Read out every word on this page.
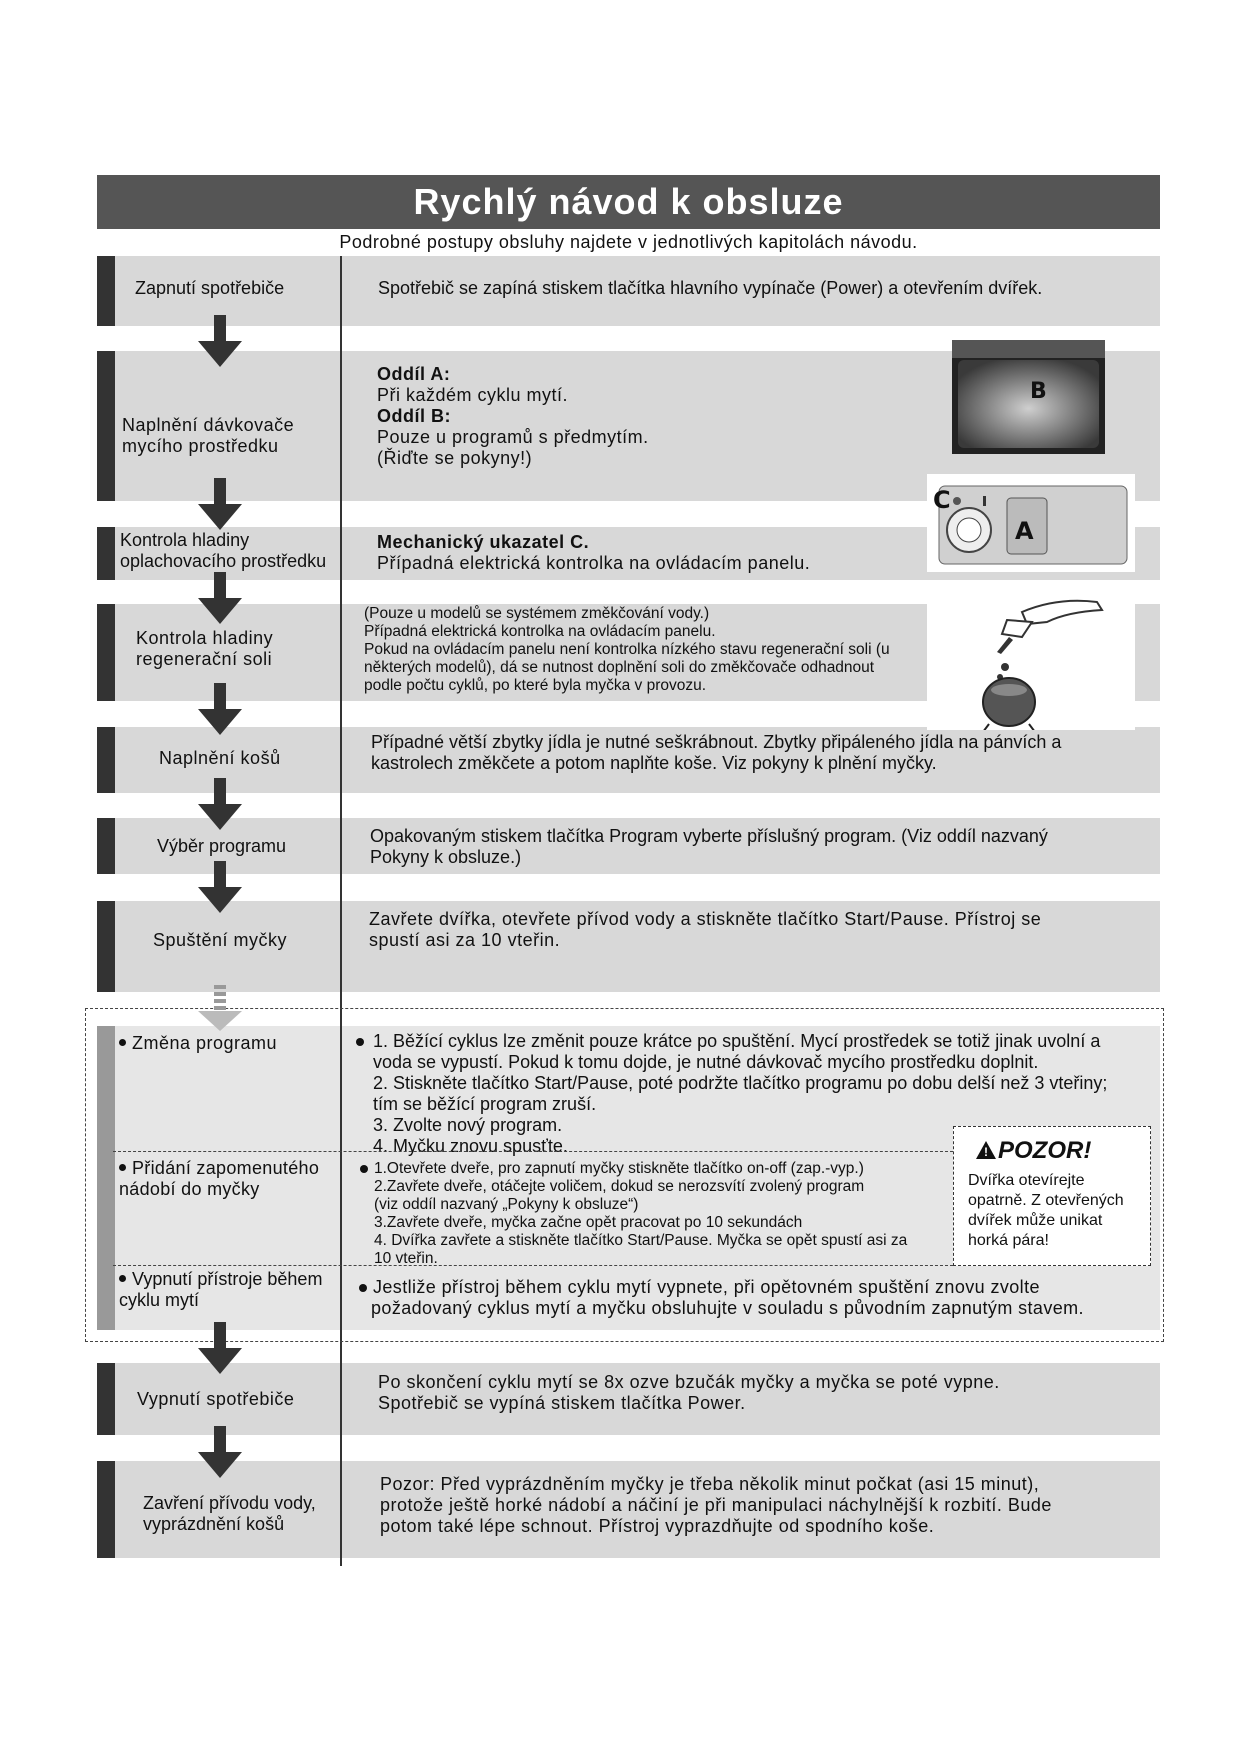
Rychlý návod k obsluze
Podrobné postupy obsluhy najdete v jednotlivých kapitolách návodu.
Zapnutí spotřebiče
Naplnění dávkovače mycího prostředku
Kontrola hladiny oplachovacího prostředku
Kontrola hladiny regenerační soli
Naplnění košů
Výběr programu
Spuštění myčky
Vypnutí spotřebiče
Zavření přívodu vody, vyprázdnění košů
Změna programu
Přidání zapomenutého nádobí do myčky
Vypnutí přístroje během cyklu mytí
Spotřebič se zapíná stiskem tlačítka hlavního vypínače (Power) a otevřením dvířek.
Oddíl A:
Při každém cyklu mytí.
Oddíl B:
Pouze u programů s předmytím.
(Řiďte se pokyny!)
Mechanický ukazatel C.
Případná elektrická kontrolka na ovládacím panelu.
(Pouze u modelů se systémem změkčování vody.)
Případná elektrická kontrolka na ovládacím panelu.
Pokud na ovládacím panelu není kontrolka nízkého stavu regenerační soli (u
některých modelů), dá se nutnost doplnění soli do změkčovače odhadnout
podle počtu cyklů, po které byla myčka v provozu.
Případné větší zbytky jídla je nutné seškrábnout. Zbytky připáleného jídla na pánvích a
kastrolech změkčete a potom naplňte koše. Viz pokyny k plnění myčky.
Opakovaným stiskem tlačítka Program vyberte příslušný program. (Viz oddíl nazvaný
Pokyny k obsluze.)
Zavřete dvířka, otevřete přívod vody a stiskněte tlačítko Start/Pause. Přístroj se
spustí asi za 10 vteřin.
1. Běžící cyklus lze změnit pouze krátce po spuštění. Mycí prostředek se totiž jinak uvolní a
voda se vypustí. Pokud k tomu dojde, je nutné dávkovač mycího prostředku doplnit.
2. Stiskněte tlačítko Start/Pause, poté podržte tlačítko programu po dobu delší než 3 vteřiny;
tím se běžící program zruší.
3. Zvolte nový program.
4. Myčku znovu spusťte.
1.Otevřete dveře, pro zapnutí myčky stiskněte tlačítko on-off (zap.-vyp.)
2.Zavřete dveře, otáčejte voličem, dokud se nerozsvítí zvolený program
(viz oddíl nazvaný „Pokyny k obsluze“)
3.Zavřete dveře, myčka začne opět pracovat po 10 sekundách
4. Dvířka zavřete a stiskněte tlačítko Start/Pause. Myčka se opět spustí asi za
10 vteřin.
Jestliže přístroj během cyklu mytí vypnete, při opětovném spuštění znovu zvolte
požadovaný cyklus mytí a myčku obsluhujte v souladu s původním zapnutým stavem.
Po skončení cyklu mytí se 8x ozve bzučák myčky a myčka se poté vypne.
Spotřebič se vypíná stiskem tlačítka Power.
Pozor: Před vyprázdněním myčky je třeba několik minut počkat (asi 15 minut),
protože ještě horké nádobí a náčiní je při manipulaci náchylnější k rozbití. Bude
potom také lépe schnout. Přístroj vyprazdňujte od spodního koše.
! POZOR!
Dvířka otevírejte
opatrně. Z otevřených
dvířek může unikat
horká pára!
B
A
C
